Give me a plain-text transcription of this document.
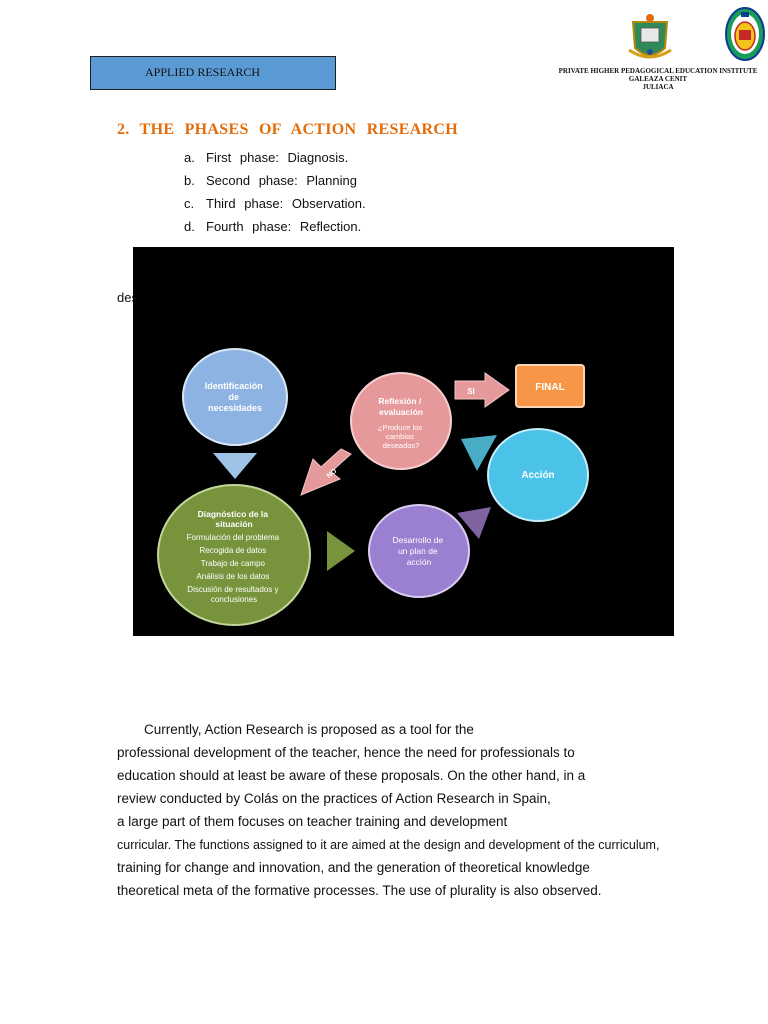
APPLIED RESEARCH	PRIVATE HIGHER PEDAGOGICAL EDUCATION INSTITUTE
GALEAZA CENIT
JULIACA
2. THE PHASES OF ACTION RESEARCH
a. First phase: Diagnosis.
b. Second phase: Planning
c. Third phase: Observation.
d. Fourth phase: Reflection.
des
Identificación de necesidades
Diagnóstico de la situación
Formulación del problema Recogida de datos Trabajo de campo Análisis de los datos Discusión de resultados y conclusiones
Desarrollo de un plan de acción
Acción
Reflexión / evaluación
¿Produce los cambios deseados?
SI	FINAL
NO
Currently, Action Research is proposed as a tool for the
professional development of the teacher, hence the need for professionals to
education should at least be aware of these proposals. On the other hand, in a
review conducted by Colás on the practices of Action Research in Spain,
a large part of them focuses on teacher training and development
curricular. The functions assigned to it are aimed at the design and development of the curriculum,
training for change and innovation, and the generation of theoretical knowledge
theoretical meta of the formative processes. The use of plurality is also observed.
